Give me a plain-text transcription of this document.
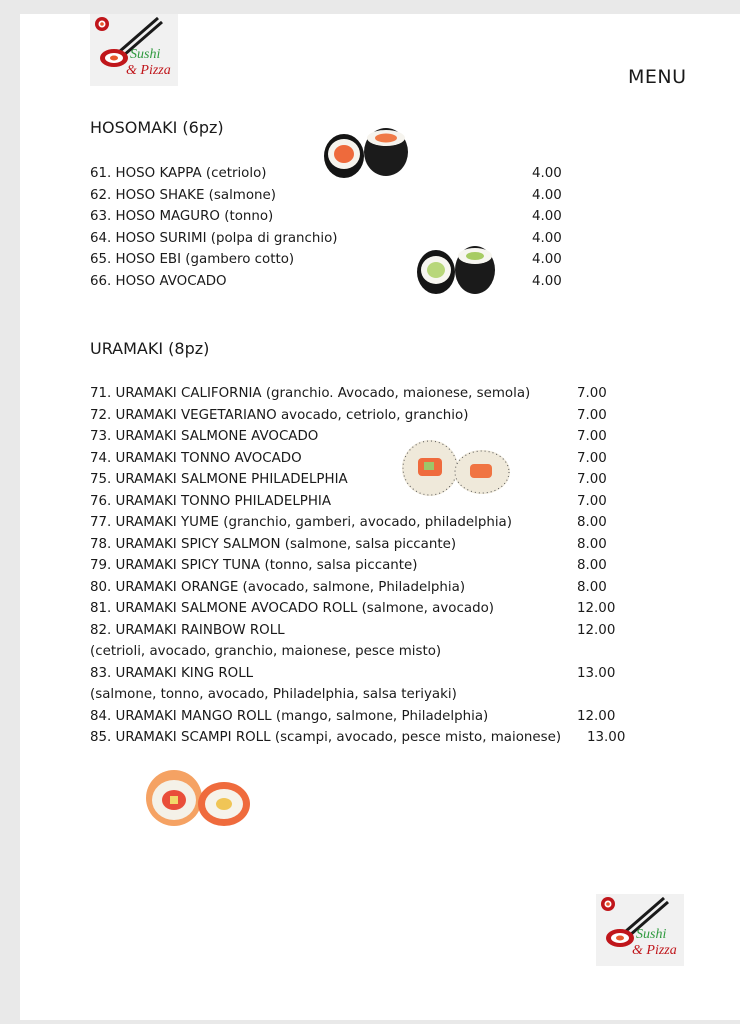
Sushi
& Pizza	MENU
HOSOMAKI (6pz)
61. HOSO KAPPA (cetriolo)	4.00
62. HOSO SHAKE (salmone)	4.00
63. HOSO MAGURO (tonno)	4.00
64. HOSO SURIMI (polpa di granchio)	4.00
65. HOSO EBI (gambero cotto)	4.00
66. HOSO AVOCADO	4.00
URAMAKI (8pz)
71. URAMAKI CALIFORNIA (granchio. Avocado, maionese, semola)	7.00
72. URAMAKI VEGETARIANO avocado, cetriolo, granchio)	7.00
73. URAMAKI SALMONE AVOCADO	7.00
74. URAMAKI TONNO AVOCADO	7.00
75. URAMAKI SALMONE PHILADELPHIA	7.00
76. URAMAKI TONNO PHILADELPHIA	7.00
77. URAMAKI YUME (granchio, gamberi, avocado, philadelphia)	8.00
78. URAMAKI SPICY SALMON (salmone, salsa piccante)	8.00
79. URAMAKI SPICY TUNA (tonno, salsa piccante)	8.00
80. URAMAKI ORANGE (avocado, salmone, Philadelphia)	8.00
81. URAMAKI SALMONE AVOCADO ROLL (salmone, avocado)	12.00
82. URAMAKI RAINBOW ROLL	12.00
(cetrioli, avocado, granchio, maionese, pesce misto)
83. URAMAKI KING ROLL	13.00
(salmone, tonno, avocado, Philadelphia, salsa teriyaki)
84. URAMAKI MANGO ROLL (mango, salmone, Philadelphia)	12.00
85. URAMAKI SCAMPI ROLL (scampi, avocado, pesce misto, maionese) 13.00
Sushi
& Pizza
